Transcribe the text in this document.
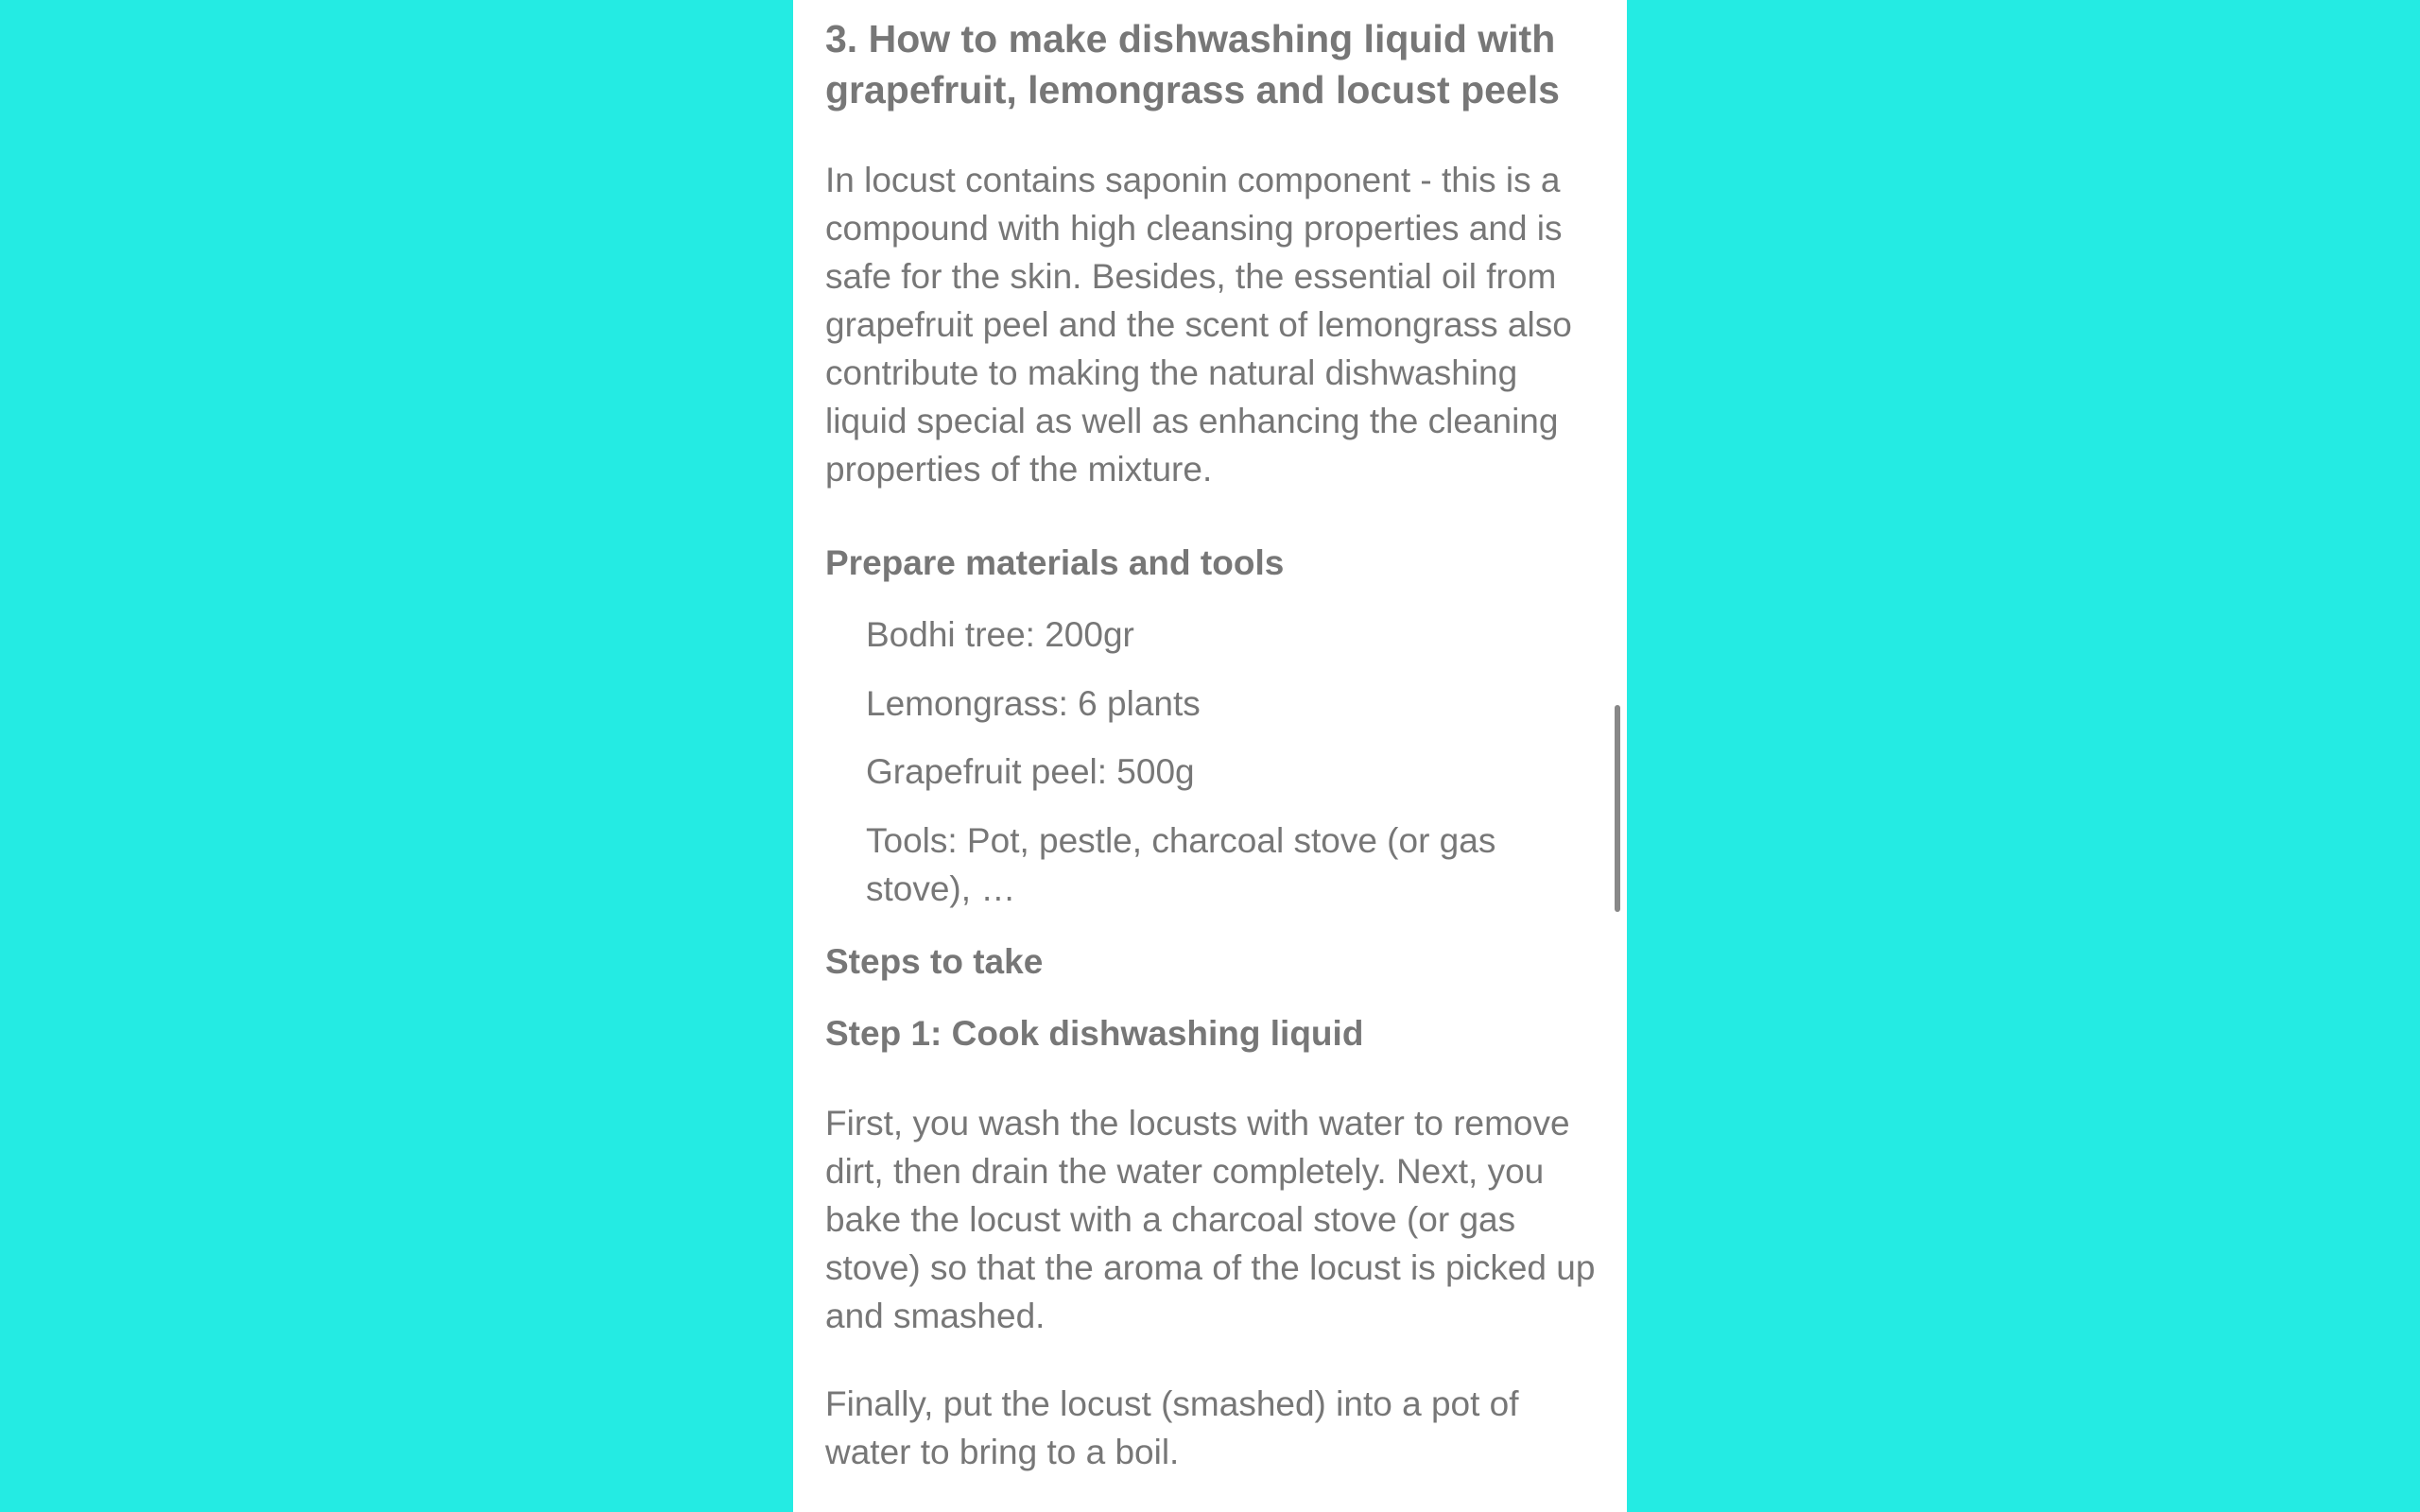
3. How to make dishwashing liquid with grapefruit, lemongrass and locust peels

In locust contains saponin component - this is a compound with high cleansing properties and is safe for the skin. Besides, the essential oil from grapefruit peel and the scent of lemongrass also contribute to making the natural dishwashing liquid special as well as enhancing the cleaning properties of the mixture.

Prepare materials and tools
Bodhi tree: 200gr
Lemongrass: 6 plants
Grapefruit peel: 500g
Tools: Pot, pestle, charcoal stove (or gas stove), …
Steps to take
Step 1: Cook dishwashing liquid

First, you wash the locusts with water to remove dirt, then drain the water completely. Next, you bake the locust with a charcoal stove (or gas stove) so that the aroma of the locust is picked up and smashed.

Finally, put the locust (smashed) into a pot of water to bring to a boil.
